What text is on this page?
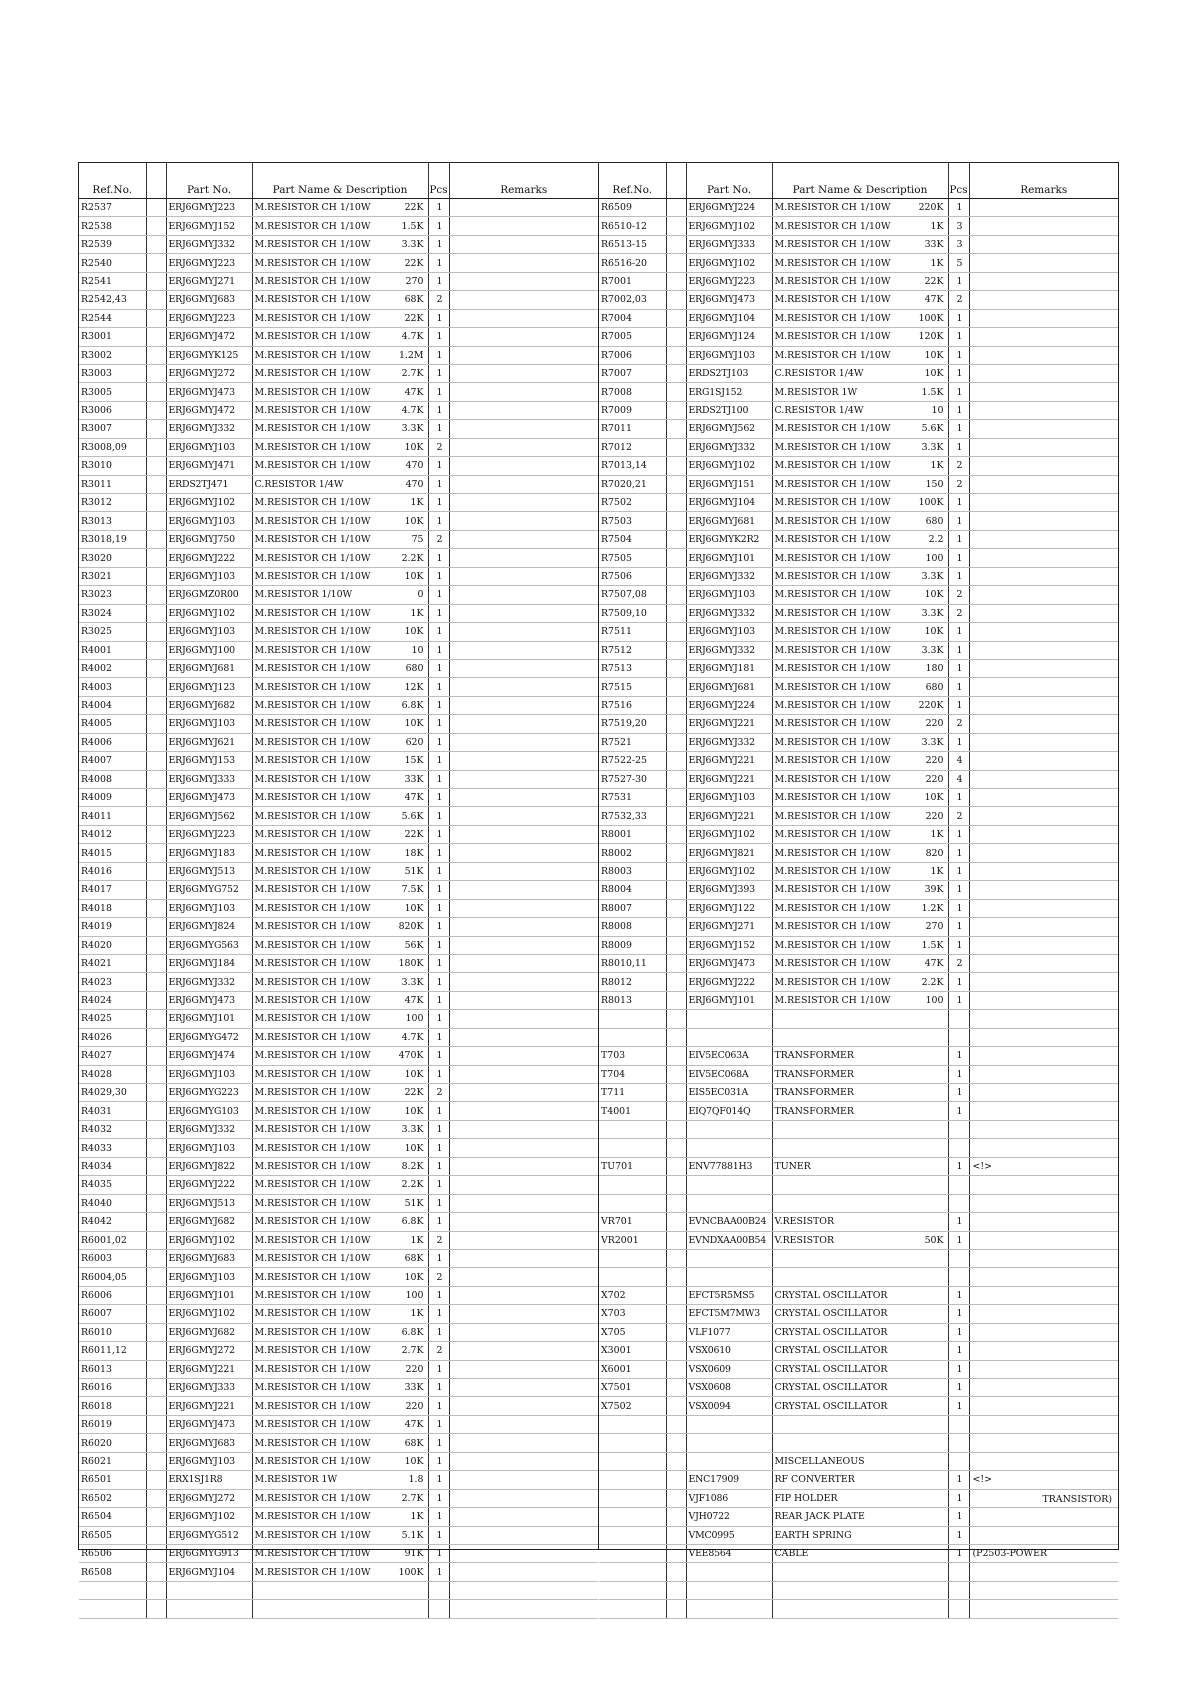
Ref.No.		Part No.	Part Name & Description	Pcs	Remarks
R2537		ERJ6GMYJ223	M.RESISTOR CH 1/10W 22K	1	
R2538		ERJ6GMYJ152	M.RESISTOR CH 1/10W 1.5K	1	
R2539		ERJ6GMYJ332	M.RESISTOR CH 1/10W 3.3K	1	
R2540		ERJ6GMYJ223	M.RESISTOR CH 1/10W 22K	1	
R2541		ERJ6GMYJ271	M.RESISTOR CH 1/10W 270	1	
R2542,43		ERJ6GMYJ683	M.RESISTOR CH 1/10W 68K	2	
R2544		ERJ6GMYJ223	M.RESISTOR CH 1/10W 22K	1	
R3001		ERJ6GMYJ472	M.RESISTOR CH 1/10W 4.7K	1	
R3002		ERJ6GMYK125	M.RESISTOR CH 1/10W 1.2M	1	
R3003		ERJ6GMYJ272	M.RESISTOR CH 1/10W 2.7K	1	
R3005		ERJ6GMYJ473	M.RESISTOR CH 1/10W 47K	1	
R3006		ERJ6GMYJ472	M.RESISTOR CH 1/10W 4.7K	1	
R3007		ERJ6GMYJ332	M.RESISTOR CH 1/10W 3.3K	1	
R3008,09		ERJ6GMYJ103	M.RESISTOR CH 1/10W 10K	2	
R3010		ERJ6GMYJ471	M.RESISTOR CH 1/10W 470	1	
R3011		ERDS2TJ471	C.RESISTOR 1/4W 470	1	
R3012		ERJ6GMYJ102	M.RESISTOR CH 1/10W 1K	1	
R3013		ERJ6GMYJ103	M.RESISTOR CH 1/10W 10K	1	
R3018,19		ERJ6GMYJ750	M.RESISTOR CH 1/10W 75	2	
R3020		ERJ6GMYJ222	M.RESISTOR CH 1/10W 2.2K	1	
R3021		ERJ6GMYJ103	M.RESISTOR CH 1/10W 10K	1	
R3023		ERJ6GMZ0R00	M.RESISTOR 1/10W 0	1	
R3024		ERJ6GMYJ102	M.RESISTOR CH 1/10W 1K	1	
R3025		ERJ6GMYJ103	M.RESISTOR CH 1/10W 10K	1	
R4001		ERJ6GMYJ100	M.RESISTOR CH 1/10W 10	1	
R4002		ERJ6GMYJ681	M.RESISTOR CH 1/10W 680	1	
R4003		ERJ6GMYJ123	M.RESISTOR CH 1/10W 12K	1	
R4004		ERJ6GMYJ682	M.RESISTOR CH 1/10W 6.8K	1	
R4005		ERJ6GMYJ103	M.RESISTOR CH 1/10W 10K	1	
R4006		ERJ6GMYJ621	M.RESISTOR CH 1/10W 620	1	
R4007		ERJ6GMYJ153	M.RESISTOR CH 1/10W 15K	1	
R4008		ERJ6GMYJ333	M.RESISTOR CH 1/10W 33K	1	
R4009		ERJ6GMYJ473	M.RESISTOR CH 1/10W 47K	1	
R4011		ERJ6GMYJ562	M.RESISTOR CH 1/10W 5.6K	1	
R4012		ERJ6GMYJ223	M.RESISTOR CH 1/10W 22K	1	
R4015		ERJ6GMYJ183	M.RESISTOR CH 1/10W 18K	1	
R4016		ERJ6GMYJ513	M.RESISTOR CH 1/10W 51K	1	
R4017		ERJ6GMYG752	M.RESISTOR CH 1/10W 7.5K	1	
R4018		ERJ6GMYJ103	M.RESISTOR CH 1/10W 10K	1	
R4019		ERJ6GMYJ824	M.RESISTOR CH 1/10W 820K	1	
R4020		ERJ6GMYG563	M.RESISTOR CH 1/10W 56K	1	
R4021		ERJ6GMYJ184	M.RESISTOR CH 1/10W 180K	1	
R4023		ERJ6GMYJ332	M.RESISTOR CH 1/10W 3.3K	1	
R4024		ERJ6GMYJ473	M.RESISTOR CH 1/10W 47K	1	
R4025		ERJ6GMYJ101	M.RESISTOR CH 1/10W 100	1	
R4026		ERJ6GMYG472	M.RESISTOR CH 1/10W 4.7K	1	
R4027		ERJ6GMYJ474	M.RESISTOR CH 1/10W 470K	1	
R4028		ERJ6GMYJ103	M.RESISTOR CH 1/10W 10K	1	
R4029,30		ERJ6GMYG223	M.RESISTOR CH 1/10W 22K	2	
R4031		ERJ6GMYG103	M.RESISTOR CH 1/10W 10K	1	
R4032		ERJ6GMYJ332	M.RESISTOR CH 1/10W 3.3K	1	
R4033		ERJ6GMYJ103	M.RESISTOR CH 1/10W 10K	1	
R4034		ERJ6GMYJ822	M.RESISTOR CH 1/10W 8.2K	1	
R4035		ERJ6GMYJ222	M.RESISTOR CH 1/10W 2.2K	1	
R4040		ERJ6GMYJ513	M.RESISTOR CH 1/10W 51K	1	
R4042		ERJ6GMYJ682	M.RESISTOR CH 1/10W 6.8K	1	
R6001,02		ERJ6GMYJ102	M.RESISTOR CH 1/10W 1K	2	
R6003		ERJ6GMYJ683	M.RESISTOR CH 1/10W 68K	1	
R6004,05		ERJ6GMYJ103	M.RESISTOR CH 1/10W 10K	2	
R6006		ERJ6GMYJ101	M.RESISTOR CH 1/10W 100	1	
R6007		ERJ6GMYJ102	M.RESISTOR CH 1/10W 1K	1	
R6010		ERJ6GMYJ682	M.RESISTOR CH 1/10W 6.8K	1	
R6011,12		ERJ6GMYJ272	M.RESISTOR CH 1/10W 2.7K	2	
R6013		ERJ6GMYJ221	M.RESISTOR CH 1/10W 220	1	
R6016		ERJ6GMYJ333	M.RESISTOR CH 1/10W 33K	1	
R6018		ERJ6GMYJ221	M.RESISTOR CH 1/10W 220	1	
R6019		ERJ6GMYJ473	M.RESISTOR CH 1/10W 47K	1	
R6020		ERJ6GMYJ683	M.RESISTOR CH 1/10W 68K	1	
R6021		ERJ6GMYJ103	M.RESISTOR CH 1/10W 10K	1	
R6501		ERX1SJ1R8	M.RESISTOR 1W 1.8	1	
R6502		ERJ6GMYJ272	M.RESISTOR CH 1/10W 2.7K	1	
R6504		ERJ6GMYJ102	M.RESISTOR CH 1/10W 1K	1	
R6505		ERJ6GMYG512	M.RESISTOR CH 1/10W 5.1K	1	
R6506		ERJ6GMYG913	M.RESISTOR CH 1/10W 91K	1	
R6508		ERJ6GMYJ104	M.RESISTOR CH 1/10W 100K	1	

Ref.No.		Part No.	Part Name & Description	Pcs	Remarks
R6509		ERJ6GMYJ224	M.RESISTOR CH 1/10W 220K	1	
R6510-12		ERJ6GMYJ102	M.RESISTOR CH 1/10W 1K	3	
R6513-15		ERJ6GMYJ333	M.RESISTOR CH 1/10W 33K	3	
R6516-20		ERJ6GMYJ102	M.RESISTOR CH 1/10W 1K	5	
R7001		ERJ6GMYJ223	M.RESISTOR CH 1/10W 22K	1	
R7002,03		ERJ6GMYJ473	M.RESISTOR CH 1/10W 47K	2	
R7004		ERJ6GMYJ104	M.RESISTOR CH 1/10W 100K	1	
R7005		ERJ6GMYJ124	M.RESISTOR CH 1/10W 120K	1	
R7006		ERJ6GMYJ103	M.RESISTOR CH 1/10W 10K	1	
R7007		ERDS2TJ103	C.RESISTOR 1/4W 10K	1	
R7008		ERG1SJ152	M.RESISTOR 1W 1.5K	1	
R7009		ERDS2TJ100	C.RESISTOR 1/4W 10	1	
R7011		ERJ6GMYJ562	M.RESISTOR CH 1/10W 5.6K	1	
R7012		ERJ6GMYJ332	M.RESISTOR CH 1/10W 3.3K	1	
R7013,14		ERJ6GMYJ102	M.RESISTOR CH 1/10W 1K	2	
R7020,21		ERJ6GMYJ151	M.RESISTOR CH 1/10W 150	2	
R7502		ERJ6GMYJ104	M.RESISTOR CH 1/10W 100K	1	
R7503		ERJ6GMYJ681	M.RESISTOR CH 1/10W 680	1	
R7504		ERJ6GMYK2R2	M.RESISTOR CH 1/10W 2.2	1	
R7505		ERJ6GMYJ101	M.RESISTOR CH 1/10W 100	1	
R7506		ERJ6GMYJ332	M.RESISTOR CH 1/10W 3.3K	1	
R7507,08		ERJ6GMYJ103	M.RESISTOR CH 1/10W 10K	2	
R7509,10		ERJ6GMYJ332	M.RESISTOR CH 1/10W 3.3K	2	
R7511		ERJ6GMYJ103	M.RESISTOR CH 1/10W 10K	1	
R7512		ERJ6GMYJ332	M.RESISTOR CH 1/10W 3.3K	1	
R7513		ERJ6GMYJ181	M.RESISTOR CH 1/10W 180	1	
R7515		ERJ6GMYJ681	M.RESISTOR CH 1/10W 680	1	
R7516		ERJ6GMYJ224	M.RESISTOR CH 1/10W 220K	1	
R7519,20		ERJ6GMYJ221	M.RESISTOR CH 1/10W 220	2	
R7521		ERJ6GMYJ332	M.RESISTOR CH 1/10W 3.3K	1	
R7522-25		ERJ6GMYJ221	M.RESISTOR CH 1/10W 220	4	
R7527-30		ERJ6GMYJ221	M.RESISTOR CH 1/10W 220	4	
R7531		ERJ6GMYJ103	M.RESISTOR CH 1/10W 10K	1	
R7532,33		ERJ6GMYJ221	M.RESISTOR CH 1/10W 220	2	
R8001		ERJ6GMYJ102	M.RESISTOR CH 1/10W 1K	1	
R8002		ERJ6GMYJ821	M.RESISTOR CH 1/10W 820	1	
R8003		ERJ6GMYJ102	M.RESISTOR CH 1/10W 1K	1	
R8004		ERJ6GMYJ393	M.RESISTOR CH 1/10W 39K	1	
R8007		ERJ6GMYJ122	M.RESISTOR CH 1/10W 1.2K	1	
R8008		ERJ6GMYJ271	M.RESISTOR CH 1/10W 270	1	
R8009		ERJ6GMYJ152	M.RESISTOR CH 1/10W 1.5K	1	
R8010,11		ERJ6GMYJ473	M.RESISTOR CH 1/10W 47K	2	
R8012		ERJ6GMYJ222	M.RESISTOR CH 1/10W 2.2K	1	
R8013		ERJ6GMYJ101	M.RESISTOR CH 1/10W 100	1	

T703		EIV5EC063A	TRANSFORMER	1	
T704		EIV5EC068A	TRANSFORMER	1	
T711		EIS5EC031A	TRANSFORMER	1	
T4001		EIQ7QF014Q	TRANSFORMER	1	

TU701		ENV77881H3	TUNER	1	<!>

VR701		EVNCBAA00B24	V.RESISTOR	1	
VR2001		EVNDXAA00B54	V.RESISTOR 50K	1	

X702		EFCT5R5MS5	CRYSTAL OSCILLATOR	1	
X703		EFCT5M7MW3	CRYSTAL OSCILLATOR	1	
X705		VLF1077	CRYSTAL OSCILLATOR	1	
X3001		VSX0610	CRYSTAL OSCILLATOR	1	
X6001		VSX0609	CRYSTAL OSCILLATOR	1	
X7501		VSX0608	CRYSTAL OSCILLATOR	1	
X7502		VSX0094	CRYSTAL OSCILLATOR	1	

			MISCELLANEOUS		

		ENC17909	RF CONVERTER	1	<!>
		VJF1086	FIP HOLDER	1	
		VJH0722	REAR JACK PLATE	1	
		VMC0995	EARTH SPRING	1	
		VEE8564	CABLE	1	(P2503-POWER

TRANSISTOR)
